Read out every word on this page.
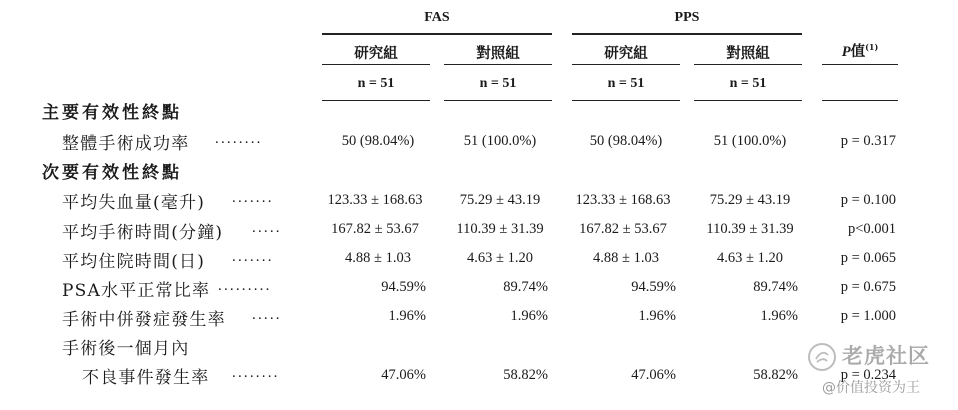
FAS	PPS
研究組	對照組	研究組	對照組	P值$^{(1)}$
n = 51	n = 51	n = 51	n = 51
主要有效性終點
整體手術成功率 ........	50 (98.04%)	51 (100.0%)	50 (98.04%)	51 (100.0%)	p = 0.317
次要有效性終點
平均失血量(毫升) .......	123.33 ± 168.63	75.29 ± 43.19	123.33 ± 168.63	75.29 ± 43.19	p = 0.100
平均手術時間(分鐘) .....	167.82 ± 53.67	110.39 ± 31.39	167.82 ± 53.67	110.39 ± 31.39	p<0.001
平均住院時間(日) .......	4.88 ± 1.03	4.63 ± 1.20	4.88 ± 1.03	4.63 ± 1.20	p = 0.065
PSA水平正常比率 .........	94.59%	89.74%	94.59%	89.74%	p = 0.675
手術中併發症發生率 .....	1.96%	1.96%	1.96%	1.96%	p = 1.000
手術後一個月內
不良事件發生率 ........	47.06%	58.82%	47.06%	58.82%	p = 0.234
老虎社区
@价值投资为王
